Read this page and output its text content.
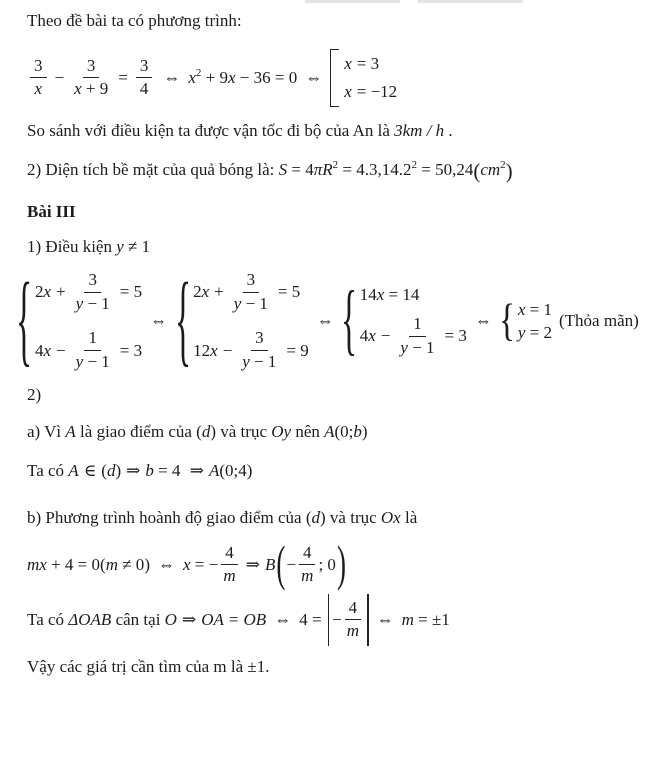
Theo đề bài ta có phương trình:

$\frac{3}{x} - \frac{3}{x + 9} = \frac{3}{4}$ ⇔ $x^2 + 9x - 36 = 0$ ⇔
x = 3
x = −12

So sánh với điều kiện ta được vận tốc đi bộ của An là 3km / h .

2) Diện tích bề mặt của quả bóng là: $S = 4\pi R^2 = 4.3,14.2^2 = 50,24(cm^2)$

Bài III

1) Điều kiện y ≠ 1

{ 2 $x + \frac{3}{y - 1} = 5$
4 $x - \frac{1}{y - 1} = 3$
⇔ { 2 $x + \frac{3}{y - 1} = 5$
12 $x - \frac{3}{y - 1} = 9$
⇔ { 14 x = 14
4 $x - \frac{1}{y - 1} = 3$
⇔ { x = 1
y = 2
(Thỏa mãn)

2)

a) Vì A là giao điểm của (d) và trục Oy nên A(0;b)

Ta có A ∈ (d) ⇒ b = 4 ⇒ A(0;4)

b) Phương trình hoành độ giao điểm của (d) và trục Ox là

mx + 4 = 0(m ≠ 0) ⇔ x = − $\frac{4}{m}$ ⇒ B ( − $\frac{4}{m}$ ; 0 )
Ta có ΔOAB cân tại O ⇒ OA = OB ⇔ 4 = − $\frac{4}{m}$ ⇔ m = ±1

Vậy các giá trị cần tìm của m là ±1.
